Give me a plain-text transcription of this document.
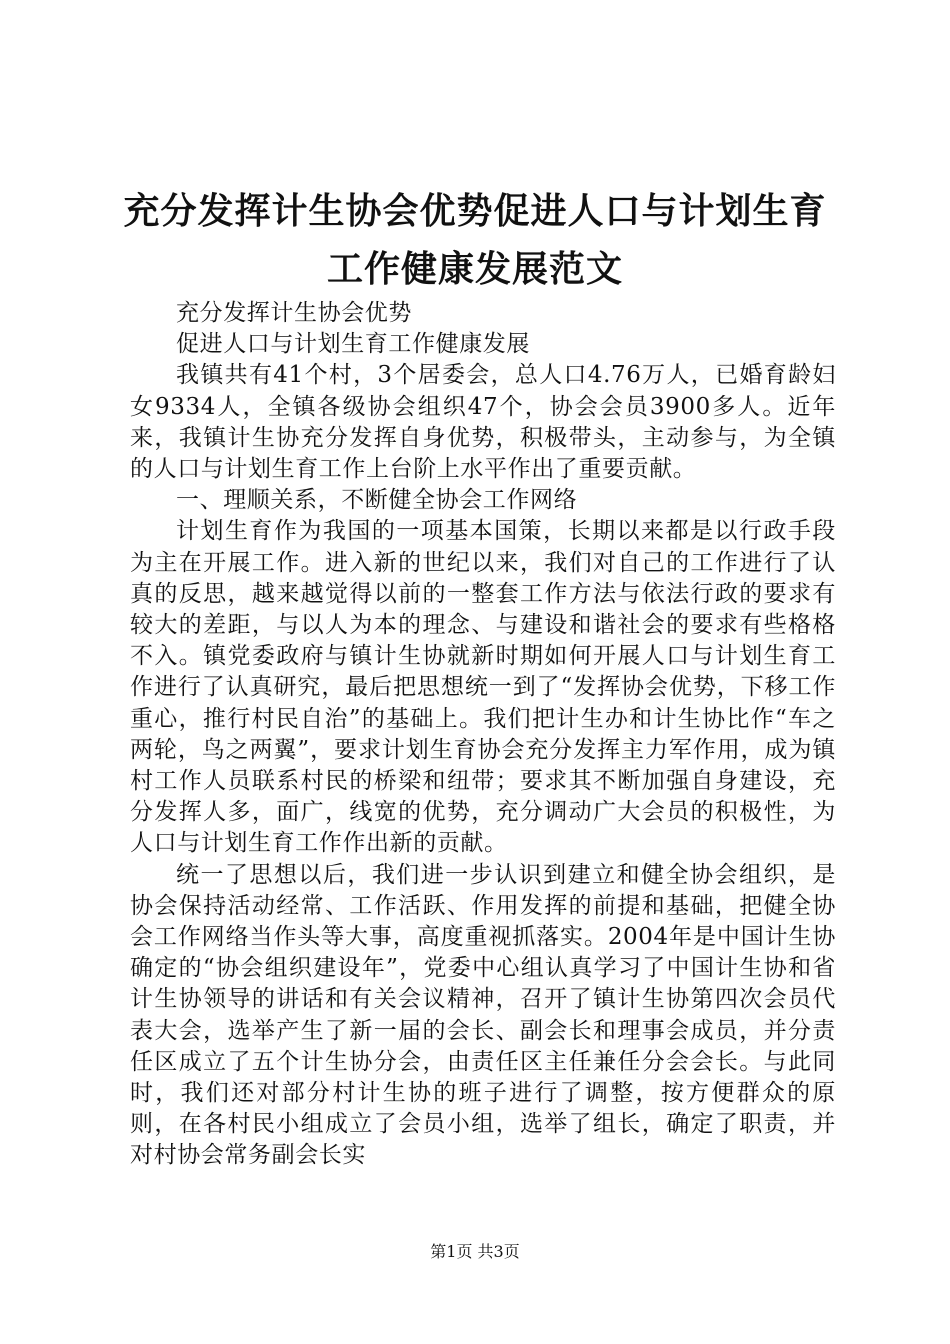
充分发挥计生协会优势促进人口与计划生育工作健康发展范文

充分发挥计生协会优势

促进人口与计划生育工作健康发展

我镇共有41个村，3个居委会，总人口4.76万人，已婚育龄妇女9334人，全镇各级协会组织47个，协会会员3900多人。近年来，我镇计生协充分发挥自身优势，积极带头，主动参与，为全镇的人口与计划生育工作上台阶上水平作出了重要贡献。

一、理顺关系，不断健全协会工作网络

计划生育作为我国的一项基本国策，长期以来都是以行政手段为主在开展工作。进入新的世纪以来，我们对自己的工作进行了认真的反思，越来越觉得以前的一整套工作方法与依法行政的要求有较大的差距，与以人为本的理念、与建设和谐社会的要求有些格格不入。镇党委政府与镇计生协就新时期如何开展人口与计划生育工作进行了认真研究，最后把思想统一到了“发挥协会优势，下移工作重心，推行村民自治”的基础上。我们把计生办和计生协比作“车之两轮，鸟之两翼”，要求计划生育协会充分发挥主力军作用，成为镇村工作人员联系村民的桥梁和纽带；要求其不断加强自身建设，充分发挥人多，面广，线宽的优势，充分调动广大会员的积极性，为人口与计划生育工作作出新的贡献。

统一了思想以后，我们进一步认识到建立和健全协会组织，是协会保持活动经常、工作活跃、作用发挥的前提和基础，把健全协会工作网络当作头等大事，高度重视抓落实。2004年是中国计生协确定的“协会组织建设年”，党委中心组认真学习了中国计生协和省计生协领导的讲话和有关会议精神，召开了镇计生协第四次会员代表大会，选举产生了新一届的会长、副会长和理事会成员，并分责任区成立了五个计生协分会，由责任区主任兼任分会会长。与此同时，我们还对部分村计生协的班子进行了调整，按方便群众的原则，在各村民小组成立了会员小组，选举了组长，确定了职责，并对村协会常务副会长实

第1页 共3页
